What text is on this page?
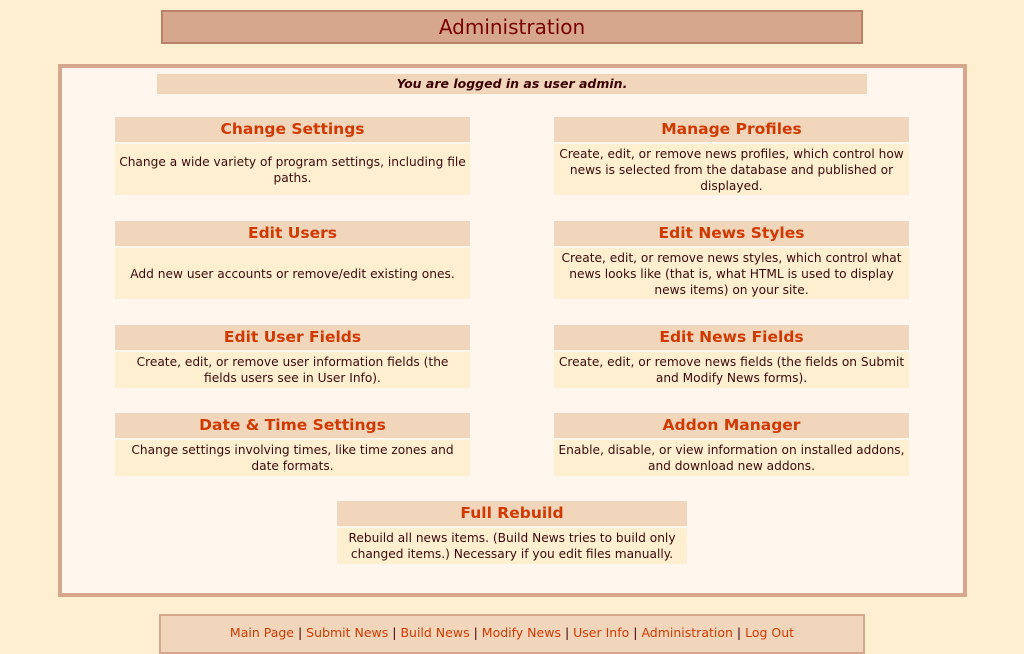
Administration
You are logged in as user admin.
Change Settings
Change a wide variety of program settings, including file paths.
Manage Profiles
Create, edit, or remove news profiles, which control how news is selected from the database and published or displayed.
Edit Users
Add new user accounts or remove/edit existing ones.
Edit News Styles
Create, edit, or remove news styles, which control what news looks like (that is, what HTML is used to display news items) on your site.
Edit User Fields
Create, edit, or remove user information fields (the fields users see in User Info).
Edit News Fields
Create, edit, or remove news fields (the fields on Submit and Modify News forms).
Date & Time Settings
Change settings involving times, like time zones and date formats.
Addon Manager
Enable, disable, or view information on installed addons, and download new addons.
Full Rebuild
Rebuild all news items. (Build News tries to build only changed items.) Necessary if you edit files manually.
Main Page | Submit News | Build News | Modify News | User Info | Administration | Log Out
